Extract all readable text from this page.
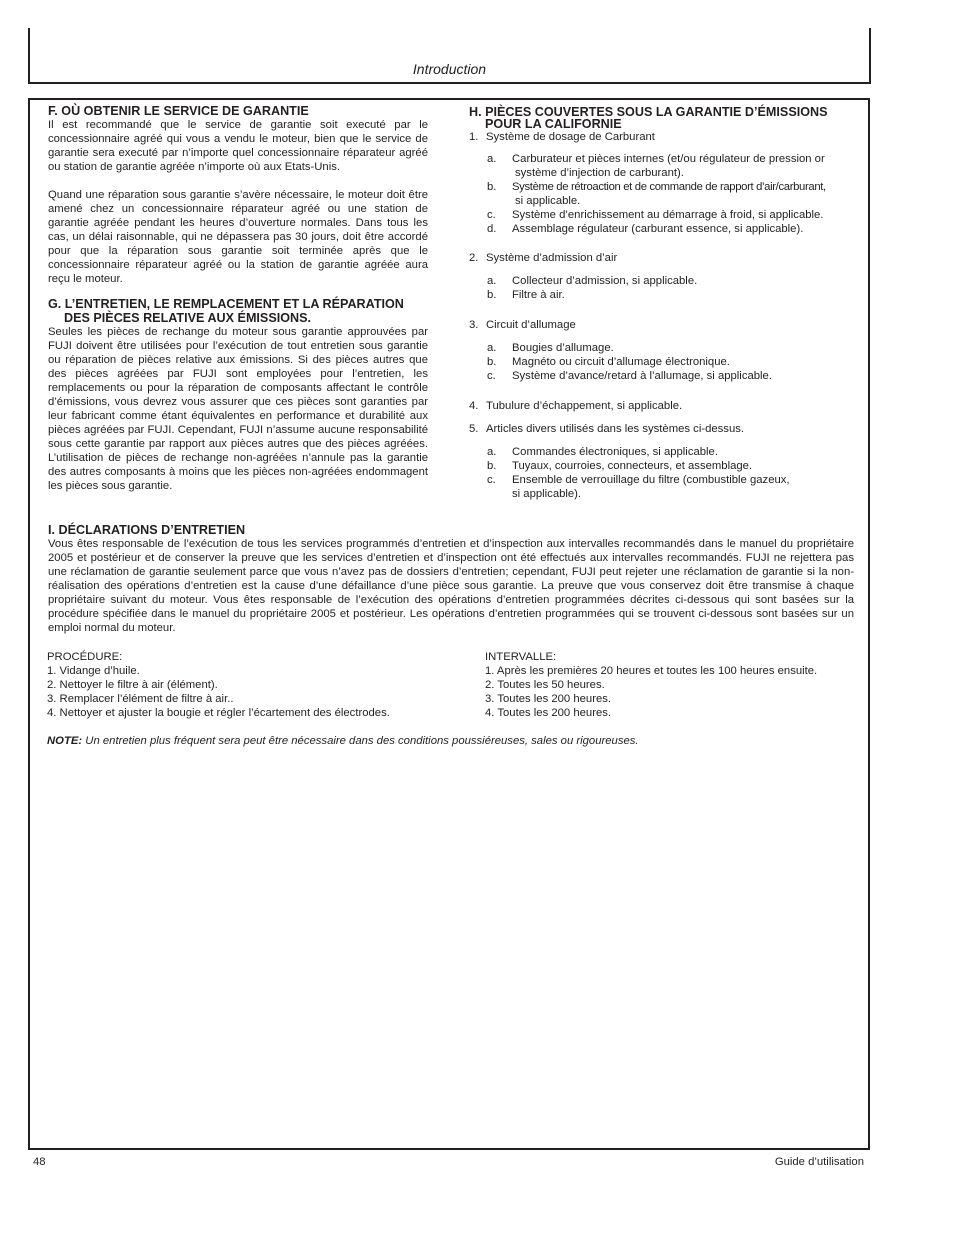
Introduction
F. OÙ OBTENIR LE SERVICE DE GARANTIE

Il est recommandé que le service de garantie soit executé par le concessionnaire agréé qui vous a vendu le moteur, bien que le service de garantie sera executé par n’importe quel concessionnaire réparateur agréé ou station de garantie agréée n’importe où aux Etats-Unis.

Quand une réparation sous garantie s’avère nécessaire, le moteur doit être amené chez un concessionnaire réparateur agréé ou une station de garantie agréée pendant les heures d’ouverture normales. Dans tous les cas, un délai raisonnable, qui ne dépassera pas 30 jours, doit être accordé pour que la réparation sous garantie soit terminée après que le concessionnaire réparateur agréé ou la station de garantie agréée aura reçu le moteur.

G. L’ENTRETIEN, LE REMPLACEMENT ET LA RÉPARATION
DES PIÈCES RELATIVE AUX ÉMISSIONS.

Seules les pièces de rechange du moteur sous garantie approuvées par FUJI doivent être utilisées pour l’exécution de tout entretien sous garantie ou réparation de pièces relative aux émissions. Si des pièces autres que des pièces agréées par FUJI sont employées pour l’entretien, les remplacements ou pour la réparation de composants affectant le contrôle d’émissions, vous devrez vous assurer que ces pièces sont garanties par leur fabricant comme étant équivalentes en performance et durabilité aux pièces agréées par FUJI. Cependant, FUJI n’assume aucune responsabilité sous cette garantie par rapport aux pièces autres que des pièces agréées. L’utilisation de pièces de rechange non-agréées n’annule pas la garantie des autres composants à moins que les pièces non-agréées endommagent les pièces sous garantie.

H. PIÈCES COUVERTES SOUS LA GARANTIE D’ÉMISSIONS
POUR LA CALIFORNIE
1. Système de dosage de Carburant
a.	Carburateur et pièces internes (et/ou régulateur de pression or
système d’injection de carburant).
b.	Système de rétroaction et de commande de rapport d’air/carburant,
si applicable.
c.	Système d’enrichissement au démarrage à froid, si applicable.
d.	Assemblage régulateur (carburant essence, si applicable).
2. Système d’admission d’air
a.	Collecteur d’admission, si applicable.
b.	Filtre à air.
3. Circuit d’allumage
a.	Bougies d’allumage.
b.	Magnéto ou circuit d’allumage électronique.
c.	Système d’avance/retard à l’allumage, si applicable.
4. Tubulure d’échappement, si applicable.
5. Articles divers utilisés dans les systèmes ci-dessus.
a.	Commandes électroniques, si applicable.
b.	Tuyaux, courroies, connecteurs, et assemblage.
c.	Ensemble de verrouillage du filtre (combustible gazeux,
si applicable).
I. DÉCLARATIONS D’ENTRETIEN

Vous êtes responsable de l’exécution de tous les services programmés d’entretien et d’inspection aux intervalles recommandés dans le manuel du propriétaire 2005 et postérieur et de conserver la preuve que les services d’entretien et d’inspection ont été effectués aux intervalles recommandés. FUJI ne rejettera pas une réclamation de garantie seulement parce que vous n’avez pas de dossiers d’entretien; cependant, FUJI peut rejeter une réclamation de garantie si la non-réalisation des opérations d’entretien est la cause d’une défaillance d’une pièce sous garantie. La preuve que vous conservez doit être transmise à chaque propriétaire suivant du moteur. Vous êtes responsable de l’exécution des opérations d’entretien programmées décrites ci-dessous qui sont basées sur la procédure spécifiée dans le manuel du propriétaire 2005 et postérieur. Les opérations d’entretien programmées qui se trouvent ci-dessous sont basées sur un emploi normal du moteur.

PROCÉDURE:
1. Vidange d’huile.
2. Nettoyer le filtre à air (élément).
3. Remplacer l’élément de filtre à air..
4. Nettoyer et ajuster la bougie et régler l’écartement des électrodes.
INTERVALLE:
1. Après les premières 20 heures et toutes les 100 heures ensuite.
2. Toutes les 50 heures.
3. Toutes les 200 heures.
4. Toutes les 200 heures.
NOTE: Un entretien plus fréquent sera peut être nécessaire dans des conditions poussiéreuses, sales ou rigoureuses.
48	Guide d’utilisation
